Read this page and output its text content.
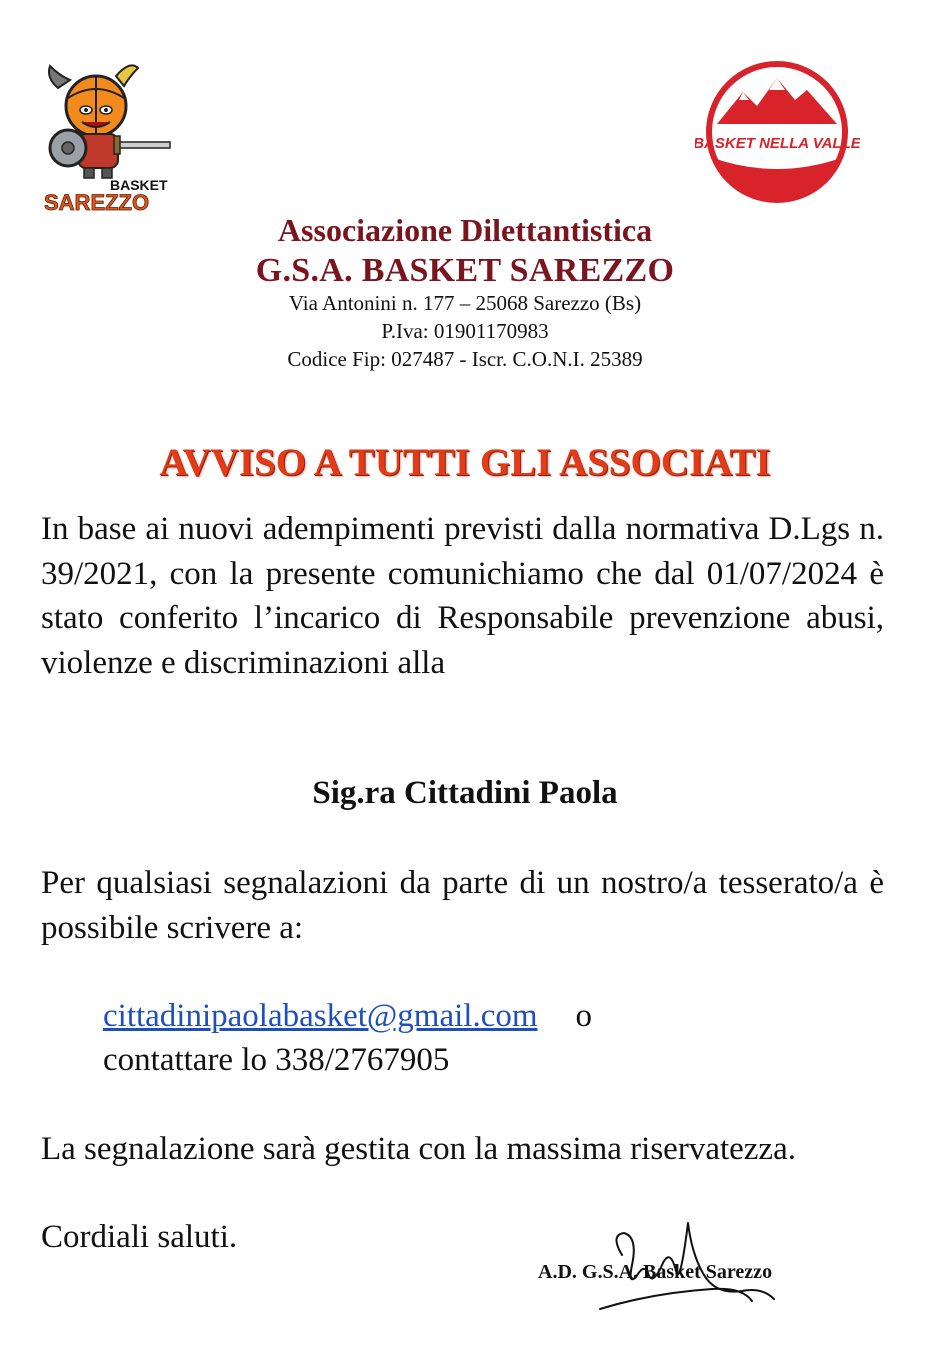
BASKET
SAREZZO
BASKET NELLA VALLE
Associazione Dilettantistica
G.S.A. BASKET SAREZZO
Via Antonini n. 177 – 25068 Sarezzo (Bs)
P.Iva: 01901170983
Codice Fip: 027487 - Iscr. C.O.N.I. 25389
AVVISO A TUTTI GLI ASSOCIATI
In base ai nuovi adempimenti previsti dalla normativa D.Lgs n. 39/2021, con la presente comunichiamo che dal 01/07/2024 è stato conferito l’incarico di Responsabile prevenzione abusi, violenze e discriminazioni alla
Sig.ra Cittadini Paola
Per qualsiasi segnalazioni da parte di un nostro/a tesserato/a è possibile scrivere a:
cittadinipaolabasket@gmail.com o
contattare lo 338/2767905
La segnalazione sarà gestita con la massima riservatezza.
Cordiali saluti.
A.D. G.S.A. Basket Sarezzo
